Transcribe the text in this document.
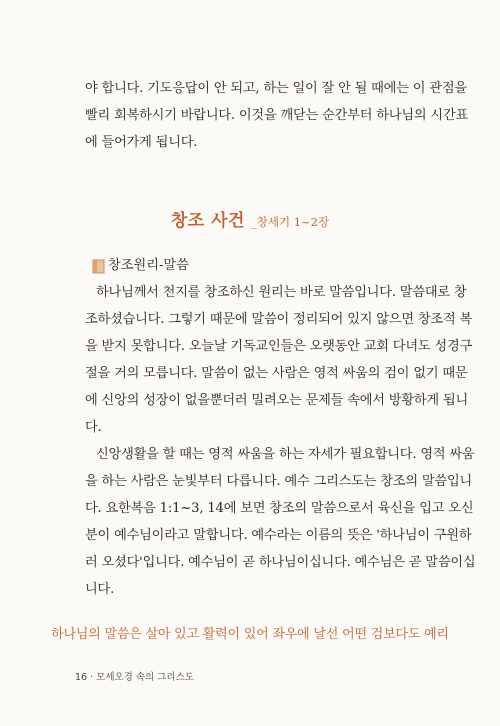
야 합니다. 기도응답이 안 되고, 하는 일이 잘 안 될 때에는 이 관점을
빨리 회복하시기 바랍니다. 이것을 깨닫는 순간부터 하나님의 시간표
에 들어가게 됩니다.
창조 사건 _창세기 1~2장
창조원리-말씀
하나님께서 천지를 창조하신 원리는 바로 말씀입니다. 말씀대로 창
조하셨습니다. 그렇기 때문에 말씀이 정리되어 있지 않으면 창조적 복
을 받지 못합니다. 오늘날 기독교인들은 오랫동안 교회 다녀도 성경구
절을 거의 모릅니다. 말씀이 없는 사람은 영적 싸움의 검이 없기 때문
에 신앙의 성장이 없을뿐더러 밀려오는 문제들 속에서 방황하게 됩니
다.
신앙생활을 할 때는 영적 싸움을 하는 자세가 필요합니다. 영적 싸움
을 하는 사람은 눈빛부터 다릅니다. 예수 그리스도는 창조의 말씀입니
다. 요한복음 1:1~3, 14에 보면 창조의 말씀으로서 육신을 입고 오신
분이 예수님이라고 말합니다. 예수라는 이름의 뜻은 '하나님이 구원하
러 오셨다'입니다. 예수님이 곧 하나님이십니다. 예수님은 곧 말씀이십
니다.
하나님의 말씀은 살아 있고 활력이 있어 좌우에 날선 어떤 검보다도 예리
16 · 모세오경 속의 그리스도
